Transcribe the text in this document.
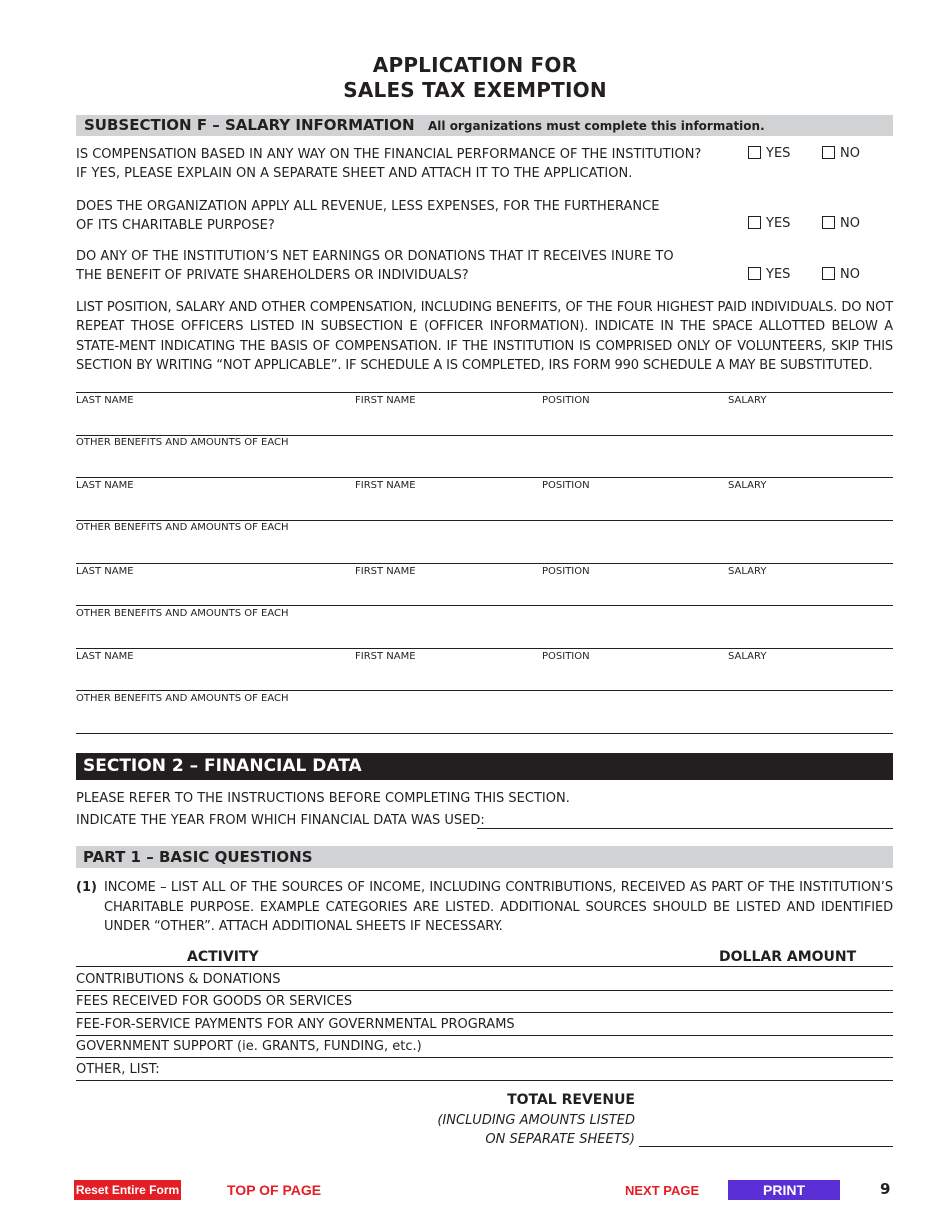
APPLICATION FOR
SALES TAX EXEMPTION
SUBSECTION F – SALARY INFORMATION All organizations must complete this information.
IS COMPENSATION BASED IN ANY WAY ON THE FINANCIAL PERFORMANCE OF THE INSTITUTION?
IF YES, PLEASE EXPLAIN ON A SEPARATE SHEET AND ATTACH IT TO THE APPLICATION.
YES	NO
DOES THE ORGANIZATION APPLY ALL REVENUE, LESS EXPENSES, FOR THE FURTHERANCE
OF ITS CHARITABLE PURPOSE?	YES	NO
DO ANY OF THE INSTITUTION’S NET EARNINGS OR DONATIONS THAT IT RECEIVES INURE TO
THE BENEFIT OF PRIVATE SHAREHOLDERS OR INDIVIDUALS?	YES	NO
LIST POSITION, SALARY AND OTHER COMPENSATION, INCLUDING BENEFITS, OF THE FOUR HIGHEST PAID INDIVIDUALS. DO NOT REPEAT THOSE OFFICERS LISTED IN SUBSECTION E (OFFICER INFORMATION). INDICATE IN THE SPACE ALLOTTED BELOW A STATE-MENT INDICATING THE BASIS OF COMPENSATION. IF THE INSTITUTION IS COMPRISED ONLY OF VOLUNTEERS, SKIP THIS SECTION BY WRITING “NOT APPLICABLE”. IF SCHEDULE A IS COMPLETED, IRS FORM 990 SCHEDULE A MAY BE SUBSTITUTED.
LAST NAME	FIRST NAME	POSITION	SALARY
OTHER BENEFITS AND AMOUNTS OF EACH
LAST NAME	FIRST NAME	POSITION	SALARY
OTHER BENEFITS AND AMOUNTS OF EACH
LAST NAME	FIRST NAME	POSITION	SALARY
OTHER BENEFITS AND AMOUNTS OF EACH
LAST NAME	FIRST NAME	POSITION	SALARY
OTHER BENEFITS AND AMOUNTS OF EACH
SECTION 2 – FINANCIAL DATA
PLEASE REFER TO THE INSTRUCTIONS BEFORE COMPLETING THIS SECTION.
INDICATE THE YEAR FROM WHICH FINANCIAL DATA WAS USED:
PART 1 – BASIC QUESTIONS
(1) INCOME – LIST ALL OF THE SOURCES OF INCOME, INCLUDING CONTRIBUTIONS, RECEIVED AS PART OF THE INSTITUTION’S CHARITABLE PURPOSE. EXAMPLE CATEGORIES ARE LISTED. ADDITIONAL SOURCES SHOULD BE LISTED AND IDENTIFIED UNDER “OTHER”. ATTACH ADDITIONAL SHEETS IF NECESSARY.
ACTIVITY	DOLLAR AMOUNT
CONTRIBUTIONS & DONATIONS
FEES RECEIVED FOR GOODS OR SERVICES
FEE-FOR-SERVICE PAYMENTS FOR ANY GOVERNMENTAL PROGRAMS
GOVERNMENT SUPPORT (ie. GRANTS, FUNDING, etc.)
OTHER, LIST:
TOTAL REVENUE
(INCLUDING AMOUNTS LISTED
ON SEPARATE SHEETS)
Reset Entire Form	TOP OF PAGE	NEXT PAGE	PRINT	9
